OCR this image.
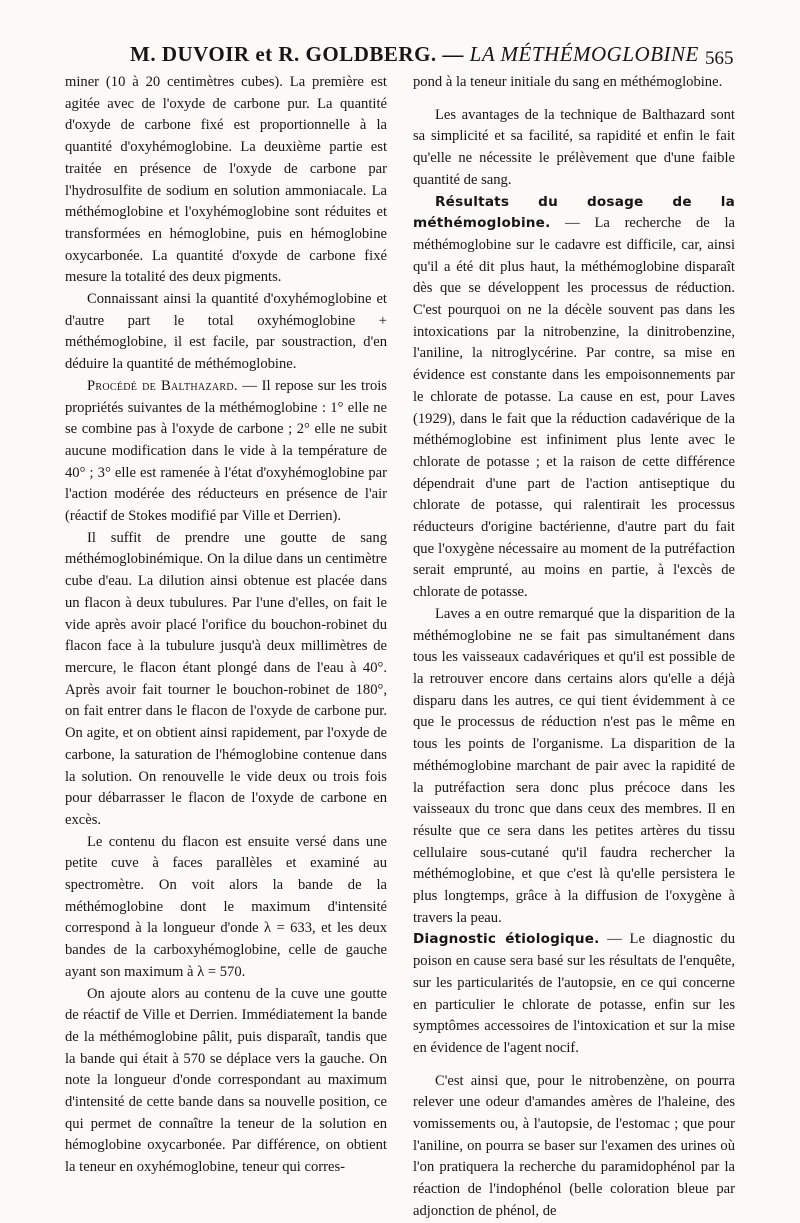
M. DUVOIR et R. GOLDBERG. — LA MÉTHÉMOGLOBINE 565

miner (10 à 20 centimètres cubes). La première est agitée avec de l'oxyde de carbone pur. La quantité d'oxyde de carbone fixé est proportionnelle à la quantité d'oxyhémoglobine. La deuxième partie est traitée en présence de l'oxyde de carbone par l'hydrosulfite de sodium en solution ammoniacale. La méthémoglobine et l'oxyhémoglobine sont réduites et transformées en hémoglobine, puis en hémoglobine oxycarbonée. La quantité d'oxyde de carbone fixé mesure la totalité des deux pigments.

Connaissant ainsi la quantité d'oxyhémoglobine et d'autre part le total oxyhémoglobine + méthémoglobine, il est facile, par soustraction, d'en déduire la quantité de méthémoglobine.

Procédé de Balthazard. — Il repose sur les trois propriétés suivantes de la méthémoglobine : 1° elle ne se combine pas à l'oxyde de carbone ; 2° elle ne subit aucune modification dans le vide à la température de 40° ; 3° elle est ramenée à l'état d'oxyhémoglobine par l'action modérée des réducteurs en présence de l'air (réactif de Stokes modifié par Ville et Derrien).

Il suffit de prendre une goutte de sang méthémoglobinémique. On la dilue dans un centimètre cube d'eau. La dilution ainsi obtenue est placée dans un flacon à deux tubulures. Par l'une d'elles, on fait le vide après avoir placé l'orifice du bouchon-robinet du flacon face à la tubulure jusqu'à deux millimètres de mercure, le flacon étant plongé dans de l'eau à 40°. Après avoir fait tourner le bouchon-robinet de 180°, on fait entrer dans le flacon de l'oxyde de carbone pur. On agite, et on obtient ainsi rapidement, par l'oxyde de carbone, la saturation de l'hémoglobine contenue dans la solution. On renouvelle le vide deux ou trois fois pour débarrasser le flacon de l'oxyde de carbone en excès.

Le contenu du flacon est ensuite versé dans une petite cuve à faces parallèles et examiné au spectromètre. On voit alors la bande de la méthémoglobine dont le maximum d'intensité correspond à la longueur d'onde λ = 633, et les deux bandes de la carboxyhémoglobine, celle de gauche ayant son maximum à λ = 570.

On ajoute alors au contenu de la cuve une goutte de réactif de Ville et Derrien. Immédiatement la bande de la méthémoglobine pâlit, puis disparaît, tandis que la bande qui était à 570 se déplace vers la gauche. On note la longueur d'onde correspondant au maximum d'intensité de cette bande dans sa nouvelle position, ce qui permet de connaître la teneur de la solution en hémoglobine oxycarbonée. Par différence, on obtient la teneur en oxyhémoglobine, teneur qui corres-

pond à la teneur initiale du sang en méthémoglobine.

Les avantages de la technique de Balthazard sont sa simplicité et sa facilité, sa rapidité et enfin le fait qu'elle ne nécessite le prélèvement que d'une faible quantité de sang.

Résultats du dosage de la méthémoglobine. — La recherche de la méthémoglobine sur le cadavre est difficile, car, ainsi qu'il a été dit plus haut, la méthémoglobine disparaît dès que se développent les processus de réduction. C'est pourquoi on ne la décèle souvent pas dans les intoxications par la nitrobenzine, la dinitrobenzine, l'aniline, la nitroglycérine. Par contre, sa mise en évidence est constante dans les empoisonnements par le chlorate de potasse. La cause en est, pour Laves (1929), dans le fait que la réduction cadavérique de la méthémoglobine est infiniment plus lente avec le chlorate de potasse ; et la raison de cette différence dépendrait d'une part de l'action antiseptique du chlorate de potasse, qui ralentirait les processus réducteurs d'origine bactérienne, d'autre part du fait que l'oxygène nécessaire au moment de la putréfaction serait emprunté, au moins en partie, à l'excès de chlorate de potasse.

Laves a en outre remarqué que la disparition de la méthémoglobine ne se fait pas simultanément dans tous les vaisseaux cadavériques et qu'il est possible de la retrouver encore dans certains alors qu'elle a déjà disparu dans les autres, ce qui tient évidemment à ce que le processus de réduction n'est pas le même en tous les points de l'organisme. La disparition de la méthémoglobine marchant de pair avec la rapidité de la putréfaction sera donc plus précoce dans les vaisseaux du tronc que dans ceux des membres. Il en résulte que ce sera dans les petites artères du tissu cellulaire sous-cutané qu'il faudra rechercher la méthémoglobine, et que c'est là qu'elle persistera le plus longtemps, grâce à la diffusion de l'oxygène à travers la peau.

Diagnostic étiologique. — Le diagnostic du poison en cause sera basé sur les résultats de l'enquête, sur les particularités de l'autopsie, en ce qui concerne en particulier le chlorate de potasse, enfin sur les symptômes accessoires de l'intoxication et sur la mise en évidence de l'agent nocif.

C'est ainsi que, pour le nitrobenzène, on pourra relever une odeur d'amandes amères de l'haleine, des vomissements ou, à l'autopsie, de l'estomac ; que pour l'aniline, on pourra se baser sur l'examen des urines où l'on pratiquera la recherche du paramidophénol par la réaction de l'indophénol (belle coloration bleue par adjonction de phénol, de
